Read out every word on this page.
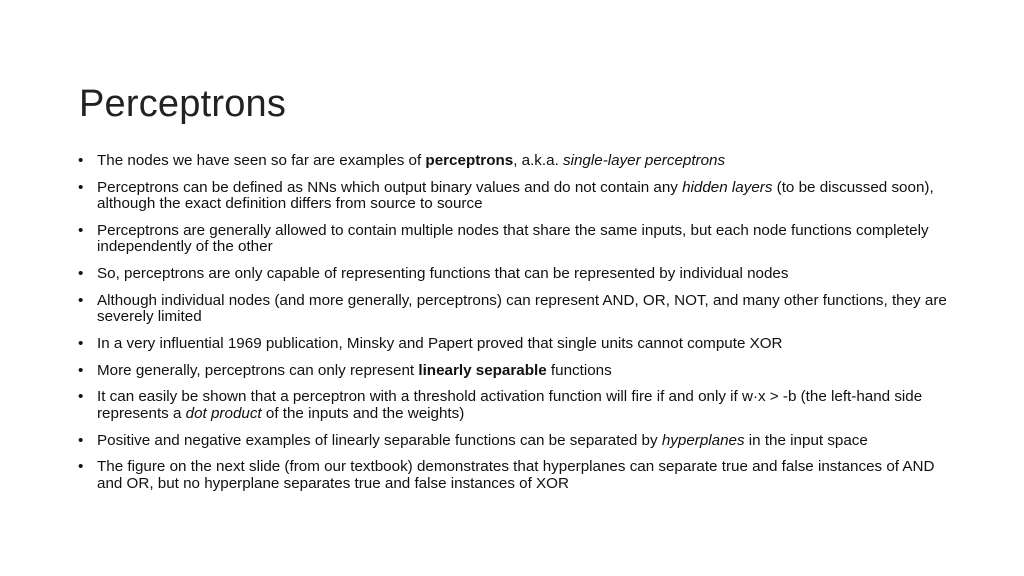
Perceptrons
• The nodes we have seen so far are examples of perceptrons, a.k.a. single-layer perceptrons
• Perceptrons can be defined as NNs which output binary values and do not contain any hidden layers (to be discussed soon), although the exact definition differs from source to source
• Perceptrons are generally allowed to contain multiple nodes that share the same inputs, but each node functions completely independently of the other
• So, perceptrons are only capable of representing functions that can be represented by individual nodes
• Although individual nodes (and more generally, perceptrons) can represent AND, OR, NOT, and many other functions, they are severely limited
• In a very influential 1969 publication, Minsky and Papert proved that single units cannot compute XOR
• More generally, perceptrons can only represent linearly separable functions
• It can easily be shown that a perceptron with a threshold activation function will fire if and only if w·x > -b (the left-hand side represents a dot product of the inputs and the weights)
• Positive and negative examples of linearly separable functions can be separated by hyperplanes in the input space
• The figure on the next slide (from our textbook) demonstrates that hyperplanes can separate true and false instances of AND and OR, but no hyperplane separates true and false instances of XOR
